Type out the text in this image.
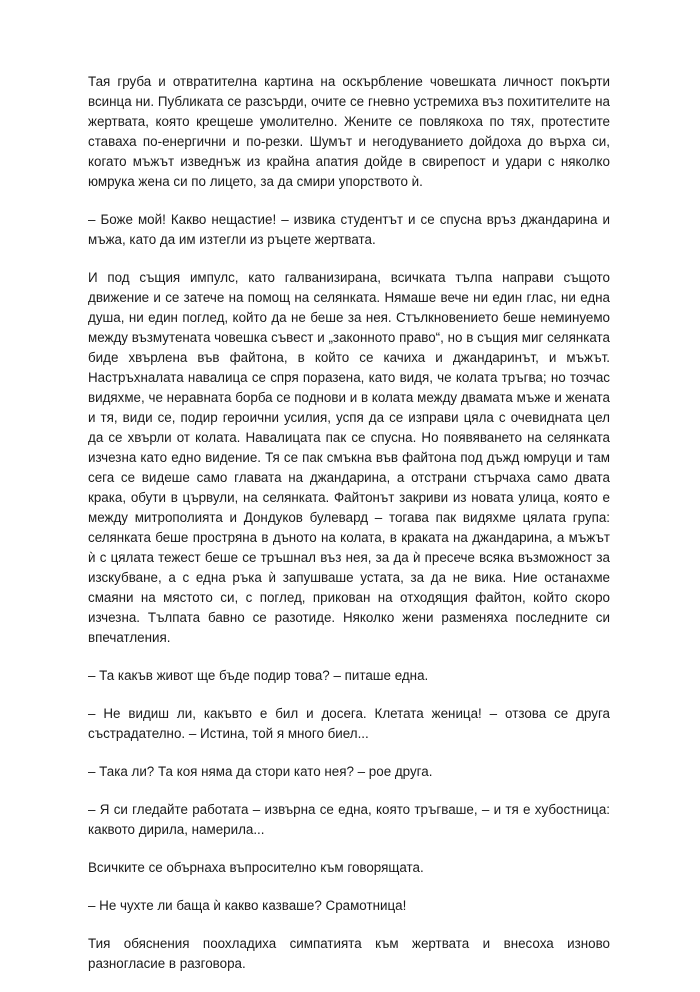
Тая груба и отвратителна картина на оскърбление човешката личност покърти всинца ни. Публиката се разсърди, очите се гневно устремиха въз похитителите на жертвата, която крещеше умолително. Жените се повлякоха по тях, протестите ставаха по-енергични и по-резки. Шумът и негодуванието дойдоха до върха си, когато мъжът изведнъж из крайна апатия дойде в свирепост и удари с няколко юмрука жена си по лицето, за да смири упорството ѝ.

– Боже мой! Какво нещастие! – извика студентът и се спусна връз джандарина и мъжа, като да им изтегли из ръцете жертвата.

И под същия импулс, като галванизирана, всичката тълпа направи същото движение и се затече на помощ на селянката. Нямаше вече ни един глас, ни една душа, ни един поглед, който да не беше за нея. Стълкновението беше неминуемо между възмутената човешка съвест и „законното право“, но в същия миг селянката биде хвърлена във файтона, в който се качиха и джандаринът, и мъжът. Настръхналата навалица се спря поразена, като видя, че колата тръгва; но тозчас видяхме, че неравната борба се поднови и в колата между двамата мъже и жената и тя, види се, подир героични усилия, успя да се изправи цяла с очевидната цел да се хвърли от колата. Навалицата пак се спусна. Но появяването на селянката изчезна като едно видение. Тя се пак смъкна във файтона под дъжд юмруци и там сега се видеше само главата на джандарина, а отстрани стърчаха само двата крака, обути в цървули, на селянката. Файтонът закриви из новата улица, която е между митрополията и Дондуков булевард – тогава пак видяхме цялата група: селянката беше простряна в дъното на колата, в краката на джандарина, а мъжът ѝ с цялата тежест беше се тръшнал въз нея, за да ѝ пресече всяка възможност за изскубване, а с една ръка ѝ запушваше устата, за да не вика. Ние останахме смаяни на мястото си, с поглед, прикован на отходящия файтон, който скоро изчезна. Тълпата бавно се разотиде. Няколко жени разменяха последните си впечатления.

– Та какъв живот ще бъде подир това? – питаше една.

– Не видиш ли, какъвто е бил и досега. Клетата женица! – отзова се друга състрадателно. – Истина, той я много биел...

– Така ли? Та коя няма да стори като нея? – рое друга.

– Я си гледайте работата – извърна се една, която тръгваше, – и тя е хубостница: каквото дирила, намерила...

Всичките се обърнаха въпросително към говорящата.

– Не чухте ли баща ѝ какво казваше? Срамотница!

Тия обяснения поохладиха симпатията към жертвата и внесоха изново разногласие в разговора.
